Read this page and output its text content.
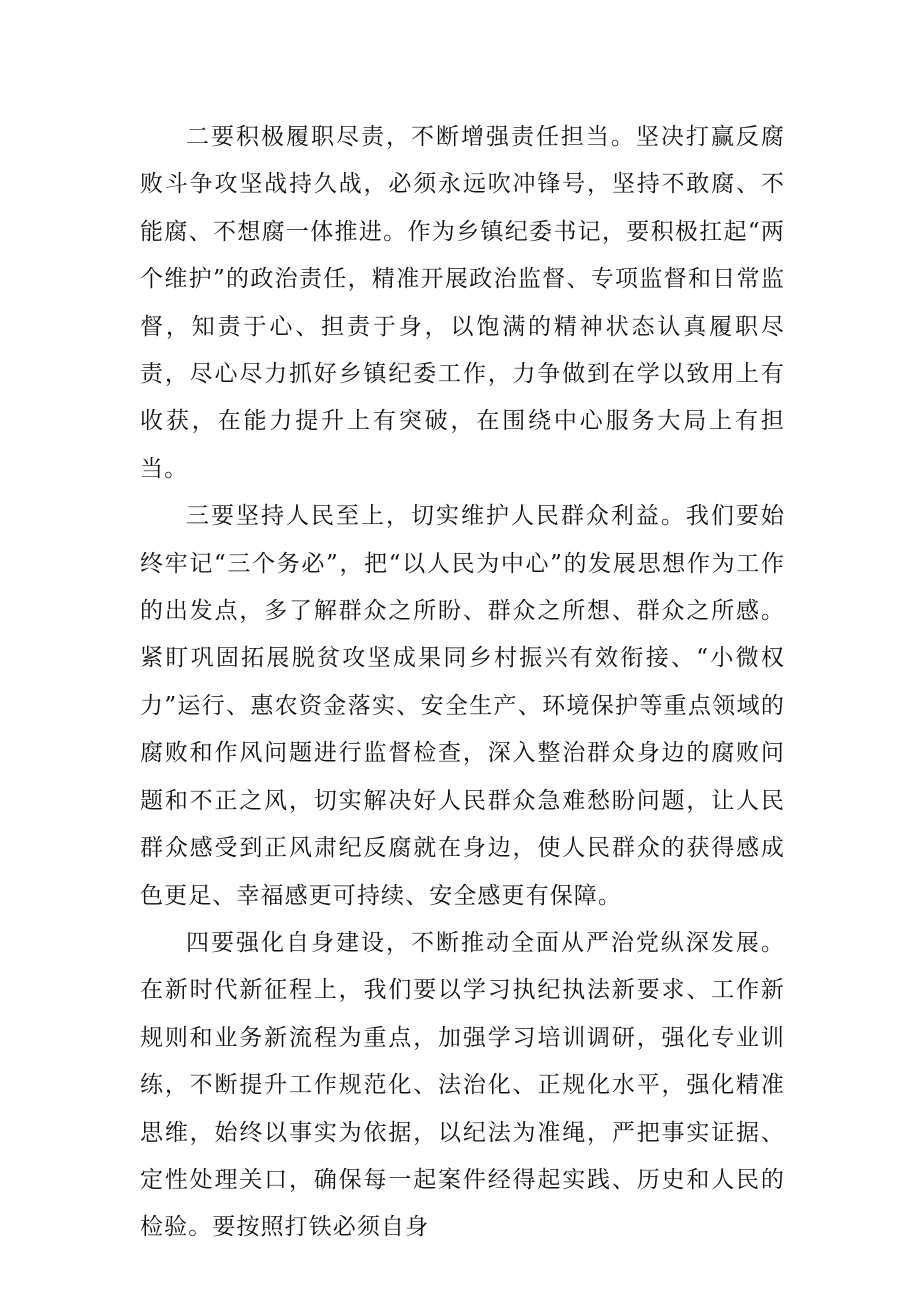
二要积极履职尽责，不断增强责任担当。坚决打赢反腐败斗争攻坚战持久战，必须永远吹冲锋号，坚持不敢腐、不能腐、不想腐一体推进。作为乡镇纪委书记，要积极扛起“两个维护”的政治责任，精准开展政治监督、专项监督和日常监督，知责于心、担责于身，以饱满的精神状态认真履职尽责，尽心尽力抓好乡镇纪委工作，力争做到在学以致用上有收获，在能力提升上有突破，在围绕中心服务大局上有担当。

三要坚持人民至上，切实维护人民群众利益。我们要始终牢记“三个务必”，把“以人民为中心”的发展思想作为工作的出发点，多了解群众之所盼、群众之所想、群众之所感。紧盯巩固拓展脱贫攻坚成果同乡村振兴有效衔接、“小微权力”运行、惠农资金落实、安全生产、环境保护等重点领域的腐败和作风问题进行监督检查，深入整治群众身边的腐败问题和不正之风，切实解决好人民群众急难愁盼问题，让人民群众感受到正风肃纪反腐就在身边，使人民群众的获得感成色更足、幸福感更可持续、安全感更有保障。

四要强化自身建设，不断推动全面从严治党纵深发展。在新时代新征程上，我们要以学习执纪执法新要求、工作新规则和业务新流程为重点，加强学习培训调研，强化专业训练，不断提升工作规范化、法治化、正规化水平，强化精准思维，始终以事实为依据，以纪法为准绳，严把事实证据、定性处理关口，确保每一起案件经得起实践、历史和人民的检验。要按照打铁必须自身
